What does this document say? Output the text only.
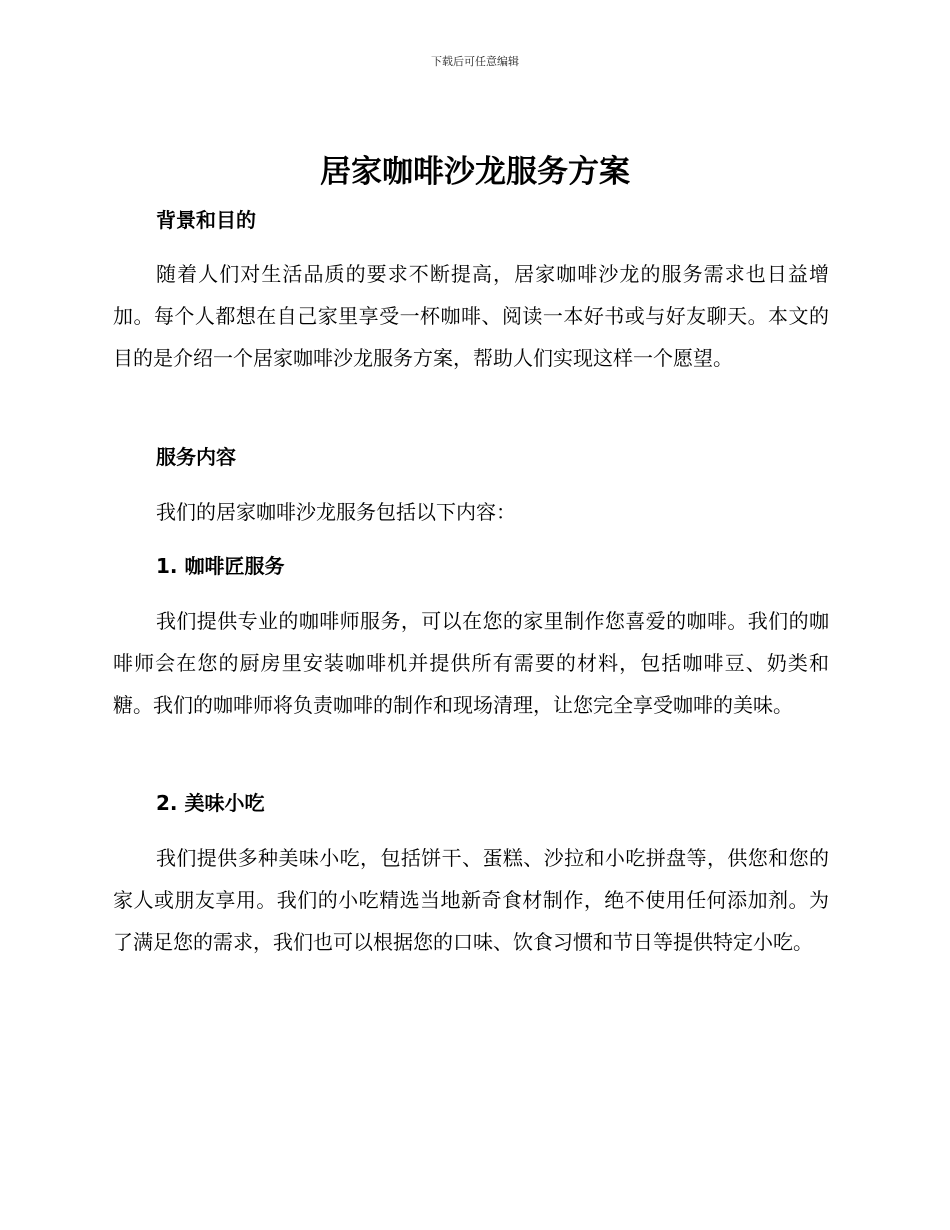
下载后可任意编辑
居家咖啡沙龙服务方案
背景和目的
随着人们对生活品质的要求不断提高，居家咖啡沙龙的服务需求也日益增加。每个人都想在自己家里享受一杯咖啡、阅读一本好书或与好友聊天。本文的目的是介绍一个居家咖啡沙龙服务方案，帮助人们实现这样一个愿望。
服务内容
我们的居家咖啡沙龙服务包括以下内容：
1. 咖啡匠服务
我们提供专业的咖啡师服务，可以在您的家里制作您喜爱的咖啡。我们的咖啡师会在您的厨房里安装咖啡机并提供所有需要的材料，包括咖啡豆、奶类和糖。我们的咖啡师将负责咖啡的制作和现场清理，让您完全享受咖啡的美味。
2. 美味小吃
我们提供多种美味小吃，包括饼干、蛋糕、沙拉和小吃拼盘等，供您和您的家人或朋友享用。我们的小吃精选当地新奇食材制作，绝不使用任何添加剂。为了满足您的需求，我们也可以根据您的口味、饮食习惯和节日等提供特定小吃。
